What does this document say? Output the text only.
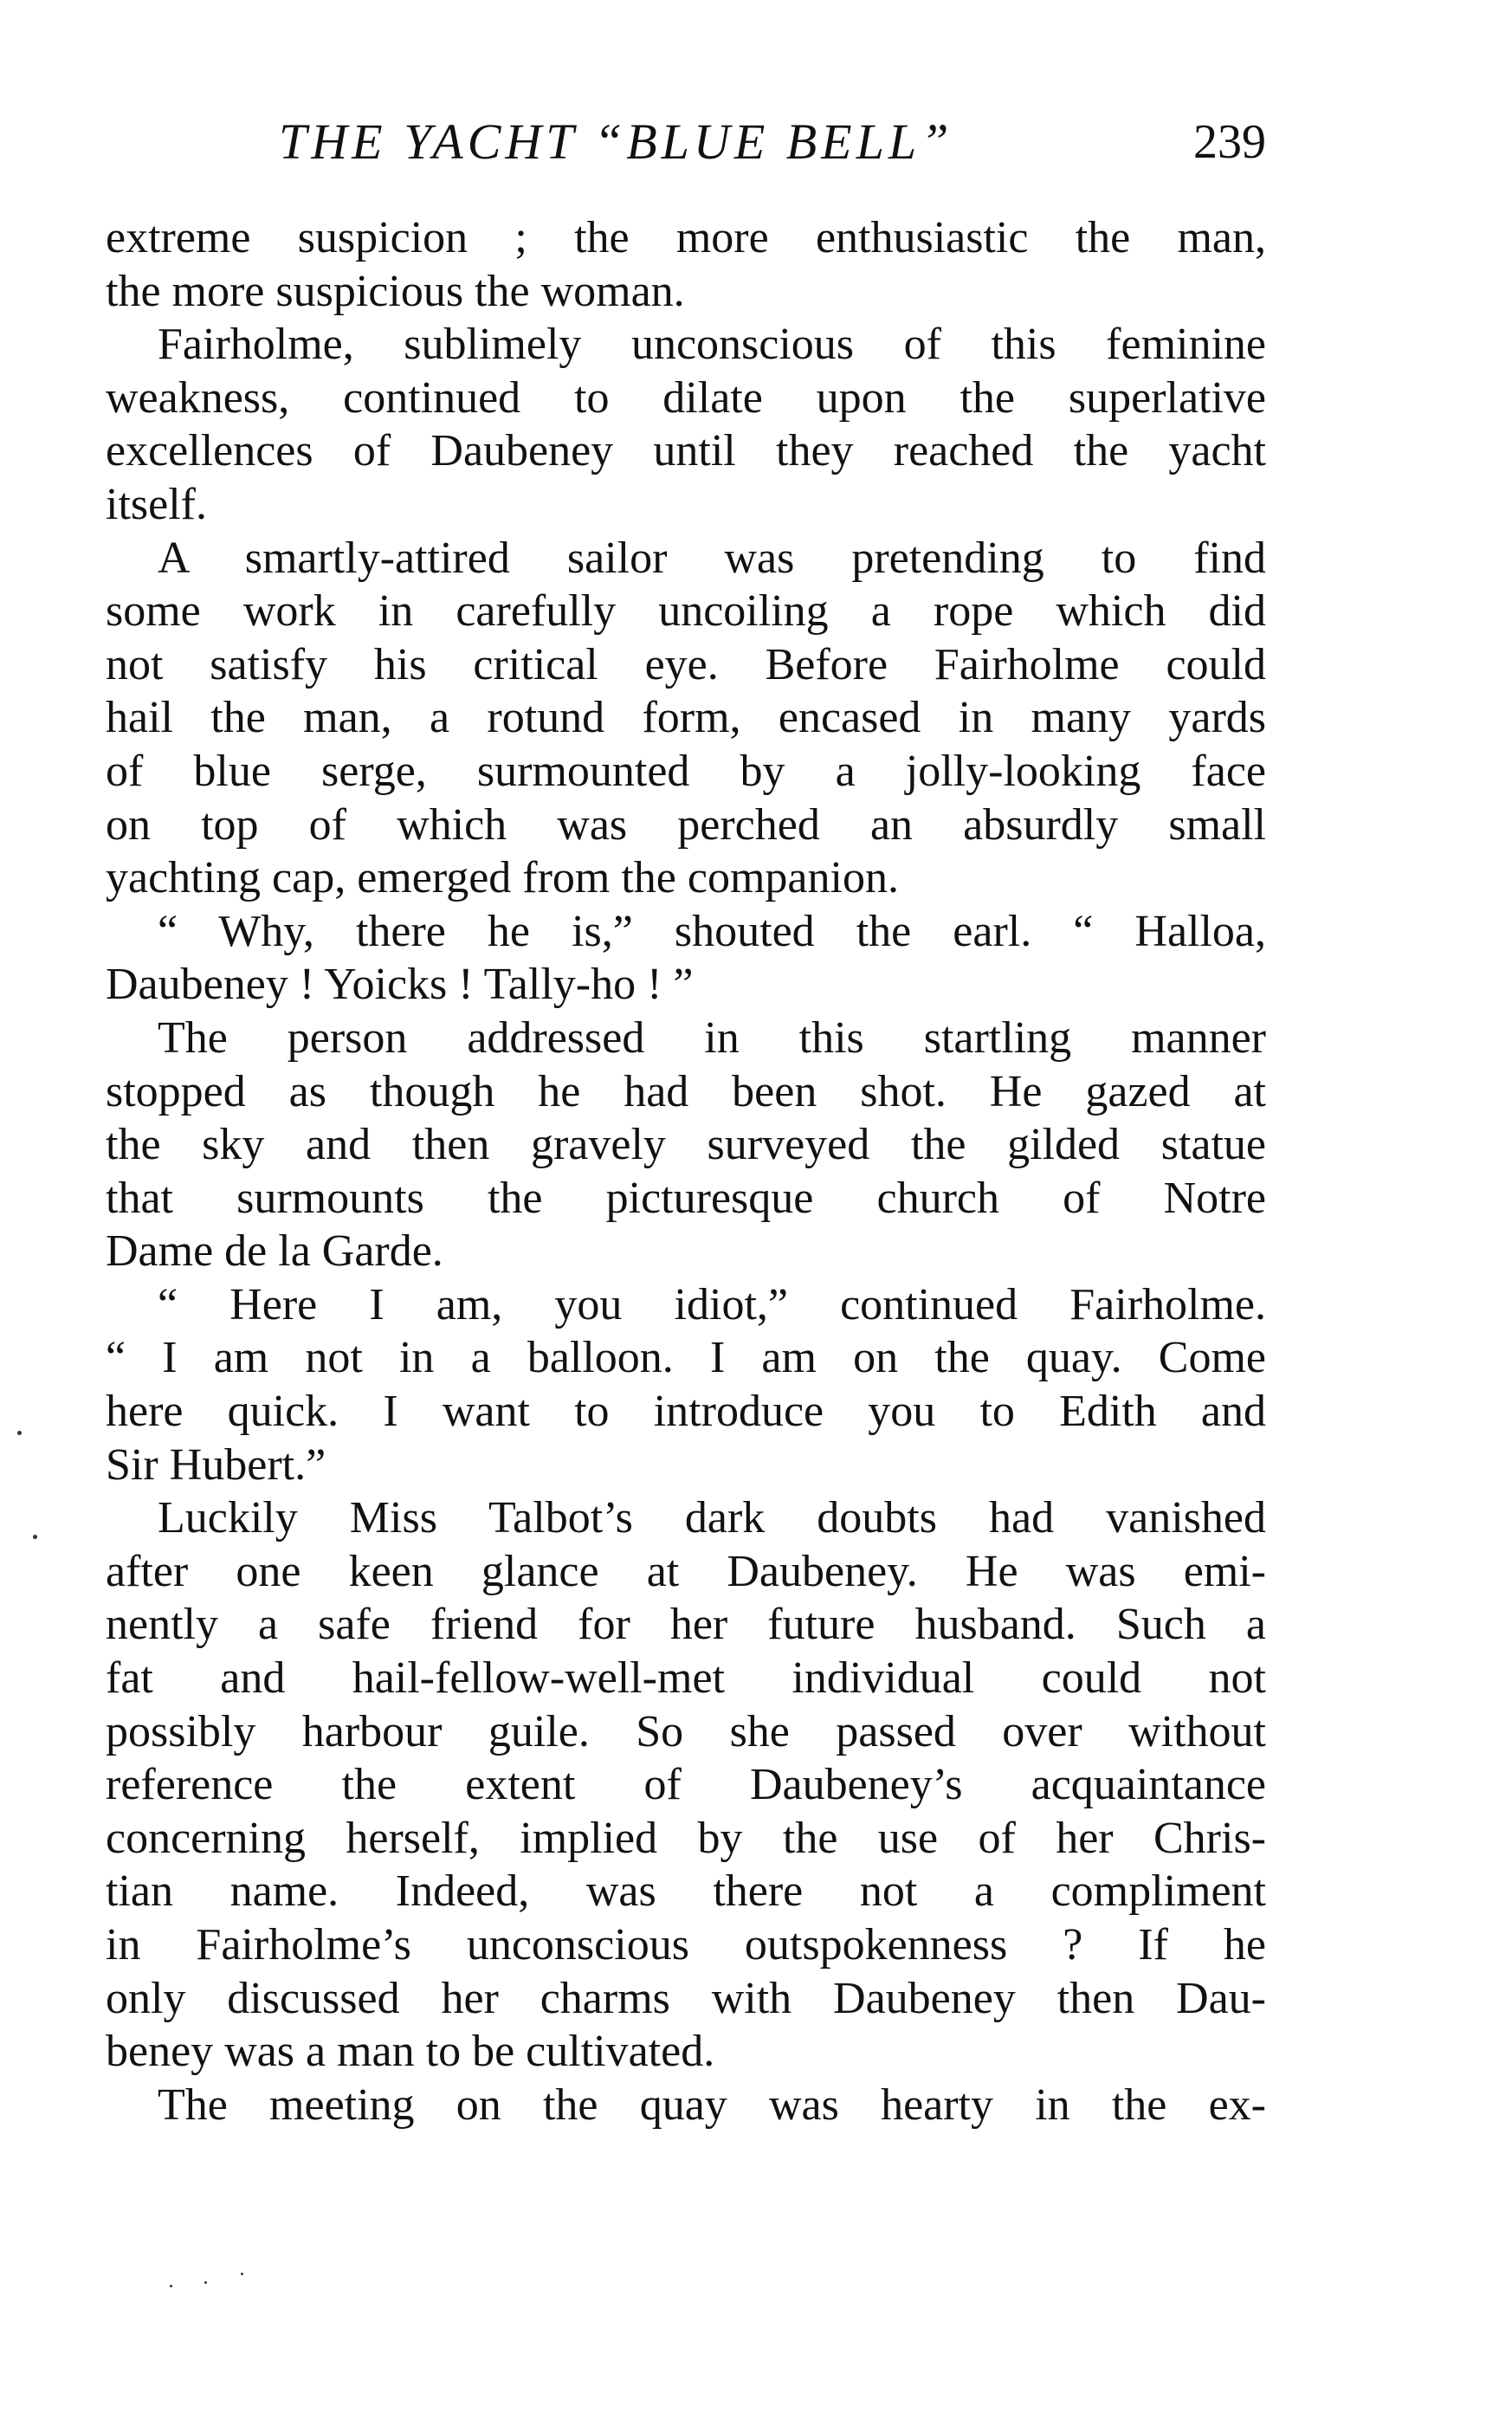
THE YACHT “BLUE BELL”	239
extreme suspicion ; the more enthusiastic the man,
the more suspicious the woman.
Fairholme, sublimely unconscious of this feminine
weakness, continued to dilate upon the superlative
excellences of Daubeney until they reached the yacht
itself.
A smartly-attired sailor was pretending to find
some work in carefully uncoiling a rope which did
not satisfy his critical eye. Before Fairholme could
hail the man, a rotund form, encased in many yards
of blue serge, surmounted by a jolly-looking face
on top of which was perched an absurdly small
yachting cap, emerged from the companion.
“ Why, there he is,” shouted the earl. “ Halloa,
Daubeney ! Yoicks ! Tally-ho ! ”
The person addressed in this startling manner
stopped as though he had been shot. He gazed at
the sky and then gravely surveyed the gilded statue
that surmounts the picturesque church of Notre
Dame de la Garde.
“ Here I am, you idiot,” continued Fairholme.
“ I am not in a balloon. I am on the quay. Come
here quick. I want to introduce you to Edith and
Sir Hubert.”
Luckily Miss Talbot’s dark doubts had vanished
after one keen glance at Daubeney. He was emi-
nently a safe friend for her future husband. Such a
fat and hail-fellow-well-met individual could not
possibly harbour guile. So she passed over without
reference the extent of Daubeney’s acquaintance
concerning herself, implied by the use of her Chris-
tian name. Indeed, was there not a compliment
in Fairholme’s unconscious outspokenness ? If he
only discussed her charms with Daubeney then Dau-
beney was a man to be cultivated.
The meeting on the quay was hearty in the ex-
